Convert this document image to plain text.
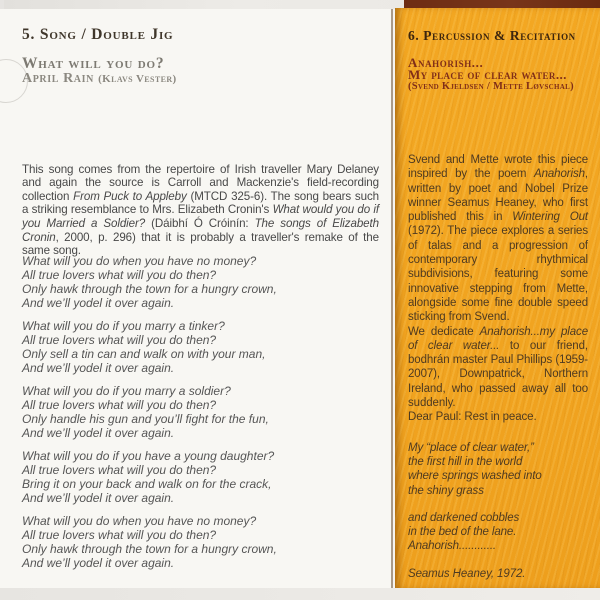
6. Percussion & Recitation
Anahorish...
My place of clear water...
(Svend Kjeldsen / Mette Løvschal)

Svend and Mette wrote this piece inspired by the poem Anahorish, written by poet and Nobel Prize winner Seamus Heaney, who first published this in Wintering Out (1972). The piece explores a series of talas and a progression of contemporary rhythmical subdivisions, featuring some innovative stepping from Mette, alongside some fine double speed sticking from Svend.

We dedicate Anahorish...my place of clear water... to our friend, bodhrán master Paul Phillips (1959-2007), Downpatrick, Northern Ireland, who passed away all too suddenly.

Dear Paul: Rest in peace.

My “place of clear water,”
the first hill in the world
where springs washed into
the shiny grass
and darkened cobbles
in the bed of the lane.
Anahorish............
Seamus Heaney, 1972.
5. Song / Double Jig
What will you do?
April Rain (Klavs Vester)

This song comes from the repertoire of Irish traveller Mary Delaney and again the source is Carroll and Mackenzie's field-recording collection From Puck to Appleby (MTCD 325-6). The song bears such a striking resemblance to Mrs. Elizabeth Cronin's What would you do if you Married a Soldier? (Dáibhí Ó Cróinín: The songs of Elizabeth Cronin, 2000, p. 296) that it is probably a traveller's remake of the same song.

What will you do when you have no money?
All true lovers what will you do then?
Only hawk through the town for a hungry crown,
And we’ll yodel it over again.
What will you do if you marry a tinker?
All true lovers what will you do then?
Only sell a tin can and walk on with your man,
And we’ll yodel it over again.
What will you do if you marry a soldier?
All true lovers what will you do then?
Only handle his gun and you’ll fight for the fun,
And we’ll yodel it over again.
What will you do if you have a young daughter?
All true lovers what will you do then?
Bring it on your back and walk on for the crack,
And we’ll yodel it over again.
What will you do when you have no money?
All true lovers what will you do then?
Only hawk through the town for a hungry crown,
And we’ll yodel it over again.
